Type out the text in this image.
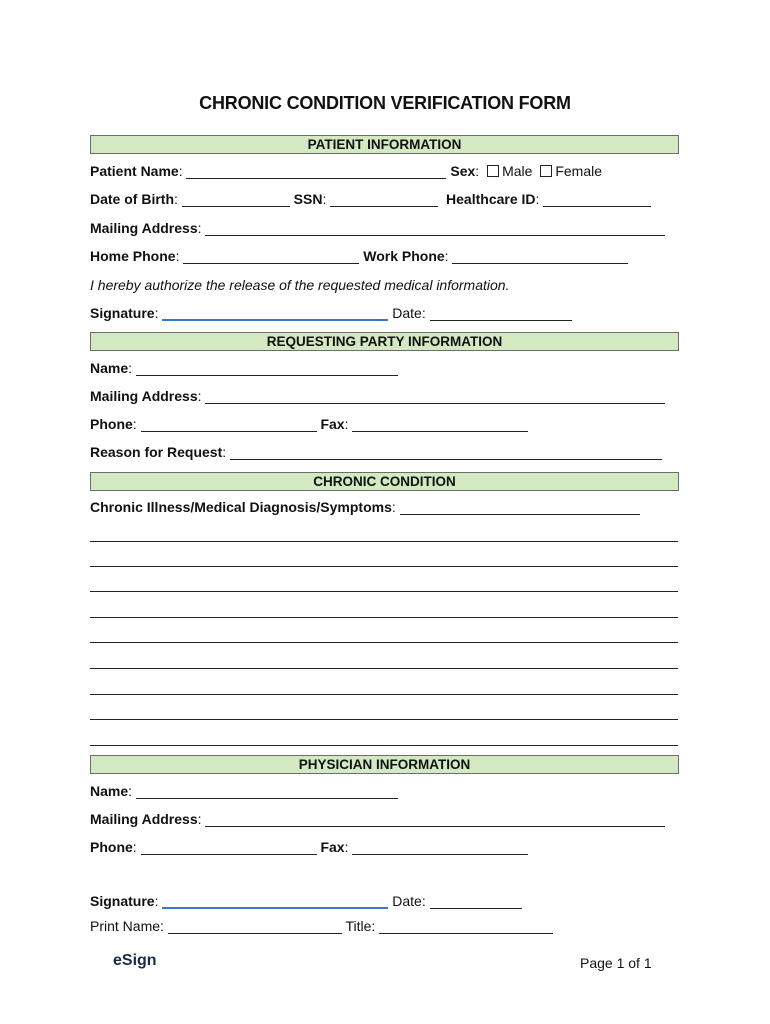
CHRONIC CONDITION VERIFICATION FORM
PATIENT INFORMATION
Patient Name:	Sex: Male Female
Date of Birth:	SSN:	Healthcare ID:
Mailing Address:
Home Phone:	Work Phone:
I hereby authorize the release of the requested medical information.
Signature:	Date:
REQUESTING PARTY INFORMATION
Name:
Mailing Address:
Phone:	Fax:
Reason for Request:
CHRONIC CONDITION
Chronic Illness/Medical Diagnosis/Symptoms:
PHYSICIAN INFORMATION
Name:
Mailing Address:
Phone:	Fax:
Signature:	Date:
Print Name:	Title:
eSign	Page 1 of 1
